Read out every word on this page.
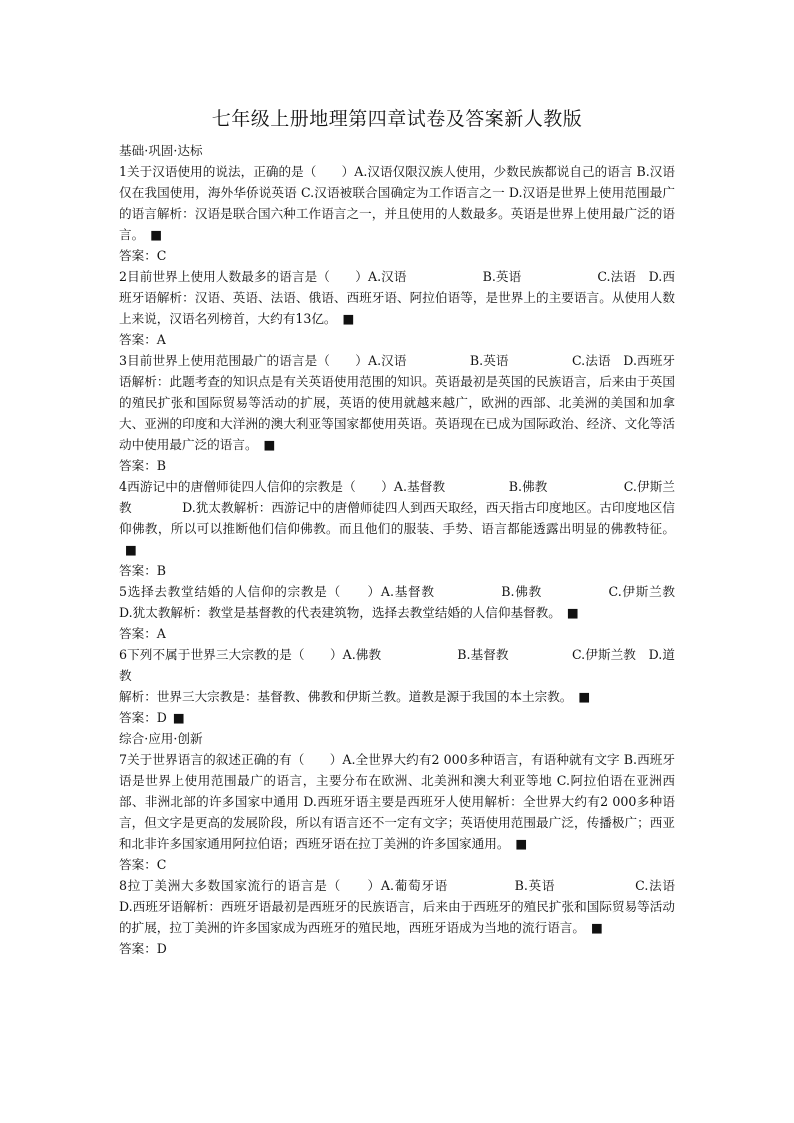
七年级上册地理第四章试卷及答案新人教版

基础·巩固·达标

1关于汉语使用的说法，正确的是（　　）A.汉语仅限汉族人使用，少数民族都说自己的语言 B.汉语仅在我国使用，海外华侨说英语 C.汉语被联合国确定为工作语言之一 D.汉语是世界上使用范围最广的语言解析：汉语是联合国六种工作语言之一，并且使用的人数最多。英语是世界上使用最广泛的语言。 ■

答案：C

2目前世界上使用人数最多的语言是（　　）A.汉语　　　　　　B.英语　　　　　　C.法语　D.西班牙语解析：汉语、英语、法语、俄语、西班牙语、阿拉伯语等，是世界上的主要语言。从使用人数上来说，汉语名列榜首，大约有13亿。 ■

答案：A

3目前世界上使用范围最广的语言是（　　）A.汉语　　　　　B.英语　　　　　C.法语　D.西班牙语解析：此题考查的知识点是有关英语使用范围的知识。英语最初是英国的民族语言，后来由于英国的殖民扩张和国际贸易等活动的扩展，英语的使用就越来越广，欧洲的西部、北美洲的美国和加拿大、亚洲的印度和大洋洲的澳大利亚等国家都使用英语。英语现在已成为国际政治、经济、文化等活动中使用最广泛的语言。 ■

答案：B

4西游记中的唐僧师徒四人信仰的宗教是（　　）A.基督教　　　　　B.佛教　　　　　　C.伊斯兰教　　　　D.犹太教解析：西游记中的唐僧师徒四人到西天取经，西天指古印度地区。古印度地区信仰佛教，所以可以推断他们信仰佛教。而且他们的服装、手势、语言都能透露出明显的佛教特征。■

答案：B

5选择去教堂结婚的人信仰的宗教是（　　）A.基督教　　　　　B.佛教　　　　　C.伊斯兰教　　　　D.犹太教解析：教堂是基督教的代表建筑物，选择去教堂结婚的人信仰基督教。 ■

答案：A

6下列不属于世界三大宗教的是（　　）A.佛教　　　　　　B.基督教　　　　　C.伊斯兰教　D.道教

解析：世界三大宗教是：基督教、佛教和伊斯兰教。道教是源于我国的本土宗教。 ■

答案：D ■

综合·应用·创新

7关于世界语言的叙述正确的有（　　）A.全世界大约有2 000多种语言，有语种就有文字 B.西班牙语是世界上使用范围最广的语言，主要分布在欧洲、北美洲和澳大利亚等地 C.阿拉伯语在亚洲西部、非洲北部的许多国家中通用 D.西班牙语主要是西班牙人使用解析：全世界大约有2 000多种语言，但文字是更高的发展阶段，所以有语言还不一定有文字；英语使用范围最广泛，传播极广；西亚和北非许多国家通用阿拉伯语；西班牙语在拉丁美洲的许多国家通用。 ■

答案：C

8拉丁美洲大多数国家流行的语言是（　　）A.葡萄牙语　　　　　B.英语　　　　　　C.法语　　　D.西班牙语解析：西班牙语最初是西班牙的民族语言，后来由于西班牙的殖民扩张和国际贸易等活动的扩展，拉丁美洲的许多国家成为西班牙的殖民地，西班牙语成为当地的流行语言。 ■

答案：D
